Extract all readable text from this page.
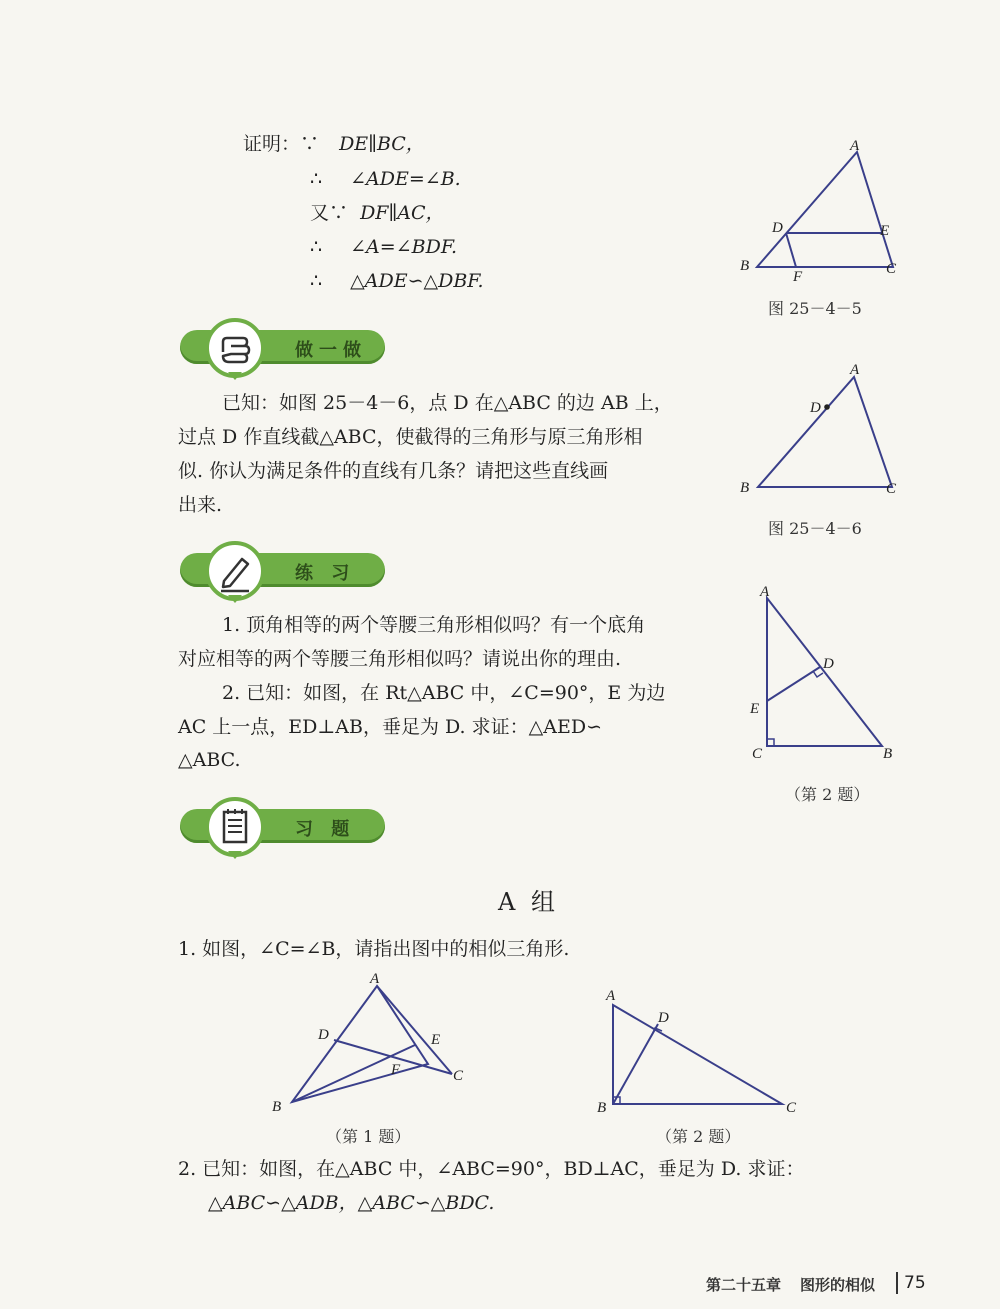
证明：∵ DE∥BC，
∴ ∠ADE=∠B.
又∵ DF∥AC，
∴ ∠A=∠BDF.
∴ △ADE∽△DBF.
A
D	E
B
F	C
图 25－4－5
做一做
已知：如图 25－4－6，点 D 在△ABC 的边 AB 上，
过点 D 作直线截△ABC，使截得的三角形与原三角形相
似. 你认为满足条件的直线有几条？请把这些直线画
出来.
A
D
B	C
图 25－4－6
练 习
1. 顶角相等的两个等腰三角形相似吗？有一个底角
对应相等的两个等腰三角形相似吗？请说出你的理由.
2. 已知：如图，在 Rt△ABC 中，∠C=90°，E 为边
AC 上一点，ED⊥AB，垂足为 D. 求证：△AED∽
△ABC.
A
D
E
C	B
（第 2 题）
习 题
A 组
1. 如图，∠C=∠B，请指出图中的相似三角形.
A
D	E
F	C
B
（第 1 题）
A
D
B	C
（第 2 题）
2. 已知：如图，在△ABC 中，∠ABC=90°，BD⊥AC，垂足为 D. 求证：
△ABC∽△ADB，△ABC∽△BDC.
第二十五章 图形的相似 75
